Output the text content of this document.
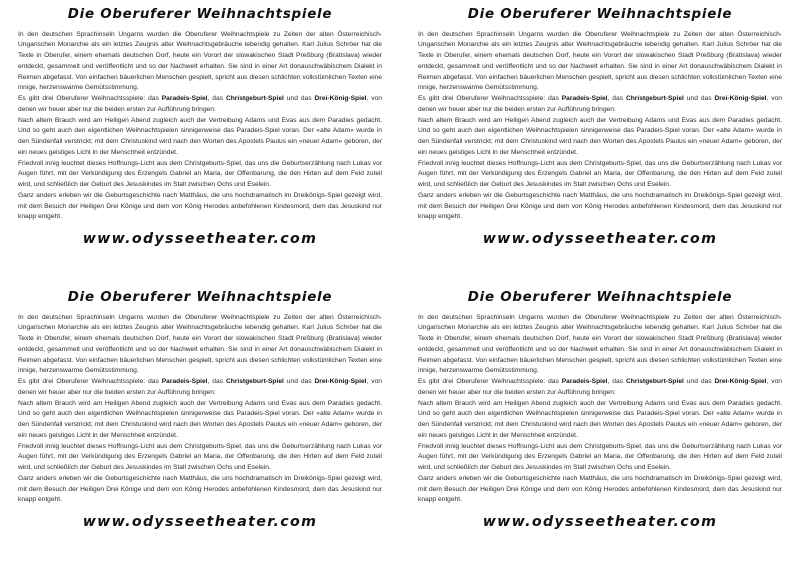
Die Oberuferer Weihnachtspiele

In den deutschen Sprachinseln Ungarns wurden die Oberuferer Weihnachtspiele zu Zeiten der alten Österreichisch-Ungarischen Monarchie als ein letztes Zeugnis alter Weihnachtsgebräuche lebendig gehalten. Karl Julius Schröer hat die Texte in Oberufer, einem ehemals deutschen Dorf, heute ein Vorort der slowakischen Stadt Preßburg (Bratislava) wieder entdeckt, gesammelt und veröffentlicht und so der Nachwelt erhalten. Sie sind in einer Art donauschwäbischem Dialekt in Reimen abgefasst. Von einfachen bäuerlichen Menschen gespielt, spricht aus diesen schlichten volkstümlichen Texten eine innige, herzenswarme Gemütsstimmung.

Es gibt drei Oberuferer Weihnachtsspiele: das Paradeis-Spiel, das Christgeburt-Spiel und das Drei-König-Spiel, von denen wir heuer aber nur die beiden ersten zur Aufführung bringen:

Nach altem Brauch wird am Heiligen Abend zugleich auch der Vertreibung Adams und Evas aus dem Paradies gedacht. Und so geht auch den eigentlichen Weihnachtspielen sinnigerweise das Paradeis-Spiel voran. Der «alte Adam» wurde in den Sündenfall verstrickt; mit dem Christuskind wird nach den Worten des Apostels Paulus ein «neuer Adam» geboren, der ein neues geistiges Licht in der Menschheit entzündet.

Friedvoll innig leuchtet dieses Hoffnungs-Licht aus dem Christgeburts-Spiel, das uns die Geburtserzählung nach Lukas vor Augen führt, mit der Verkündigung des Erzengels Gabriel an Maria, der Offenbarung, die den Hirten auf dem Feld zuteil wird, und schließlich der Geburt des Jesuskindes im Stall zwischen Ochs und Eselein.

Ganz anders erleben wir die Geburtsgeschichte nach Matthäus, die uns hochdramatisch im Dreikönigs-Spiel gezeigt wird, mit dem Besuch der Heiligen Drei Könige und dem von König Herodes anbefohlenen Kindesmord, dem das Jesuskind nur knapp entgeht.

www.odysseetheater.com
Die Oberuferer Weihnachtspiele

In den deutschen Sprachinseln Ungarns wurden die Oberuferer Weihnachtspiele zu Zeiten der alten Österreichisch-Ungarischen Monarchie als ein letztes Zeugnis alter Weihnachtsgebräuche lebendig gehalten. Karl Julius Schröer hat die Texte in Oberufer, einem ehemals deutschen Dorf, heute ein Vorort der slowakischen Stadt Preßburg (Bratislava) wieder entdeckt, gesammelt und veröffentlicht und so der Nachwelt erhalten. Sie sind in einer Art donauschwäbischem Dialekt in Reimen abgefasst. Von einfachen bäuerlichen Menschen gespielt, spricht aus diesen schlichten volkstümlichen Texten eine innige, herzenswarme Gemütsstimmung.

Es gibt drei Oberuferer Weihnachtsspiele: das Paradeis-Spiel, das Christgeburt-Spiel und das Drei-König-Spiel, von denen wir heuer aber nur die beiden ersten zur Aufführung bringen:

Nach altem Brauch wird am Heiligen Abend zugleich auch der Vertreibung Adams und Evas aus dem Paradies gedacht. Und so geht auch den eigentlichen Weihnachtspielen sinnigerweise das Paradeis-Spiel voran. Der «alte Adam» wurde in den Sündenfall verstrickt; mit dem Christuskind wird nach den Worten des Apostels Paulus ein «neuer Adam» geboren, der ein neues geistiges Licht in der Menschheit entzündet.

Friedvoll innig leuchtet dieses Hoffnungs-Licht aus dem Christgeburts-Spiel, das uns die Geburtserzählung nach Lukas vor Augen führt, mit der Verkündigung des Erzengels Gabriel an Maria, der Offenbarung, die den Hirten auf dem Feld zuteil wird, und schließlich der Geburt des Jesuskindes im Stall zwischen Ochs und Eselein.

Ganz anders erleben wir die Geburtsgeschichte nach Matthäus, die uns hochdramatisch im Dreikönigs-Spiel gezeigt wird, mit dem Besuch der Heiligen Drei Könige und dem von König Herodes anbefohlenen Kindesmord, dem das Jesuskind nur knapp entgeht.

www.odysseetheater.com
Die Oberuferer Weihnachtspiele

In den deutschen Sprachinseln Ungarns wurden die Oberuferer Weihnachtspiele zu Zeiten der alten Österreichisch-Ungarischen Monarchie als ein letztes Zeugnis alter Weihnachtsgebräuche lebendig gehalten. Karl Julius Schröer hat die Texte in Oberufer, einem ehemals deutschen Dorf, heute ein Vorort der slowakischen Stadt Preßburg (Bratislava) wieder entdeckt, gesammelt und veröffentlicht und so der Nachwelt erhalten. Sie sind in einer Art donauschwäbischem Dialekt in Reimen abgefasst. Von einfachen bäuerlichen Menschen gespielt, spricht aus diesen schlichten volkstümlichen Texten eine innige, herzenswarme Gemütsstimmung.

Es gibt drei Oberuferer Weihnachtsspiele: das Paradeis-Spiel, das Christgeburt-Spiel und das Drei-König-Spiel, von denen wir heuer aber nur die beiden ersten zur Aufführung bringen:

Nach altem Brauch wird am Heiligen Abend zugleich auch der Vertreibung Adams und Evas aus dem Paradies gedacht. Und so geht auch den eigentlichen Weihnachtspielen sinnigerweise das Paradeis-Spiel voran. Der «alte Adam» wurde in den Sündenfall verstrickt; mit dem Christuskind wird nach den Worten des Apostels Paulus ein «neuer Adam» geboren, der ein neues geistiges Licht in der Menschheit entzündet.

Friedvoll innig leuchtet dieses Hoffnungs-Licht aus dem Christgeburts-Spiel, das uns die Geburtserzählung nach Lukas vor Augen führt, mit der Verkündigung des Erzengels Gabriel an Maria, der Offenbarung, die den Hirten auf dem Feld zuteil wird, und schließlich der Geburt des Jesuskindes im Stall zwischen Ochs und Eselein.

Ganz anders erleben wir die Geburtsgeschichte nach Matthäus, die uns hochdramatisch im Dreikönigs-Spiel gezeigt wird, mit dem Besuch der Heiligen Drei Könige und dem von König Herodes anbefohlenen Kindesmord, dem das Jesuskind nur knapp entgeht.

www.odysseetheater.com
Die Oberuferer Weihnachtspiele

In den deutschen Sprachinseln Ungarns wurden die Oberuferer Weihnachtspiele zu Zeiten der alten Österreichisch-Ungarischen Monarchie als ein letztes Zeugnis alter Weihnachtsgebräuche lebendig gehalten. Karl Julius Schröer hat die Texte in Oberufer, einem ehemals deutschen Dorf, heute ein Vorort der slowakischen Stadt Preßburg (Bratislava) wieder entdeckt, gesammelt und veröffentlicht und so der Nachwelt erhalten. Sie sind in einer Art donauschwäbischem Dialekt in Reimen abgefasst. Von einfachen bäuerlichen Menschen gespielt, spricht aus diesen schlichten volkstümlichen Texten eine innige, herzenswarme Gemütsstimmung.

Es gibt drei Oberuferer Weihnachtsspiele: das Paradeis-Spiel, das Christgeburt-Spiel und das Drei-König-Spiel, von denen wir heuer aber nur die beiden ersten zur Aufführung bringen:

Nach altem Brauch wird am Heiligen Abend zugleich auch der Vertreibung Adams und Evas aus dem Paradies gedacht. Und so geht auch den eigentlichen Weihnachtspielen sinnigerweise das Paradeis-Spiel voran. Der «alte Adam» wurde in den Sündenfall verstrickt; mit dem Christuskind wird nach den Worten des Apostels Paulus ein «neuer Adam» geboren, der ein neues geistiges Licht in der Menschheit entzündet.

Friedvoll innig leuchtet dieses Hoffnungs-Licht aus dem Christgeburts-Spiel, das uns die Geburtserzählung nach Lukas vor Augen führt, mit der Verkündigung des Erzengels Gabriel an Maria, der Offenbarung, die den Hirten auf dem Feld zuteil wird, und schließlich der Geburt des Jesuskindes im Stall zwischen Ochs und Eselein.

Ganz anders erleben wir die Geburtsgeschichte nach Matthäus, die uns hochdramatisch im Dreikönigs-Spiel gezeigt wird, mit dem Besuch der Heiligen Drei Könige und dem von König Herodes anbefohlenen Kindesmord, dem das Jesuskind nur knapp entgeht.

www.odysseetheater.com
